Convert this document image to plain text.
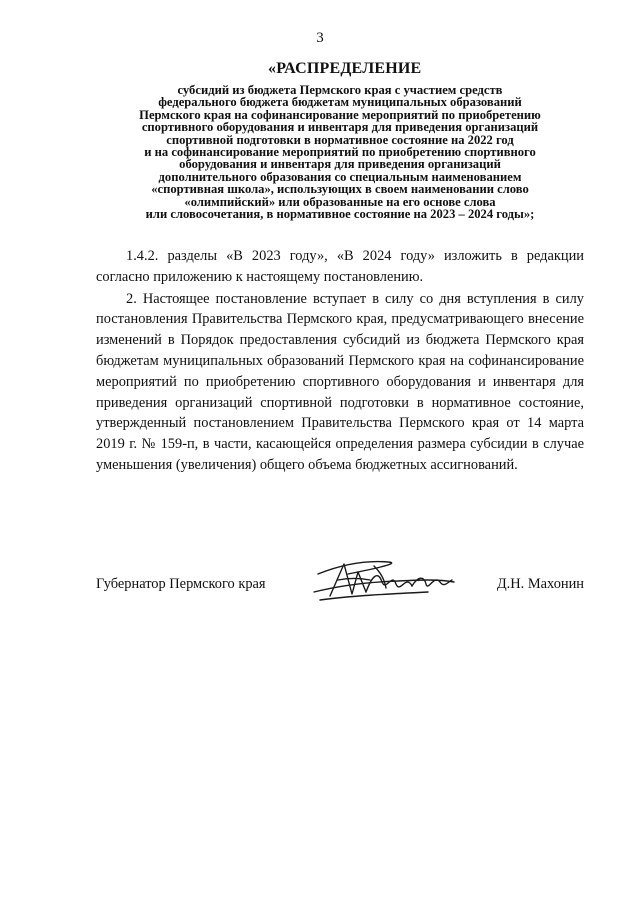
3
«РАСПРЕДЕЛЕНИЕ
субсидий из бюджета Пермского края с участием средств
федерального бюджета бюджетам муниципальных образований
Пермского края на софинансирование мероприятий по приобретению
спортивного оборудования и инвентаря для приведения организаций
спортивной подготовки в нормативное состояние на 2022 год
и на софинансирование мероприятий по приобретению спортивного
оборудования и инвентаря для приведения организаций
дополнительного образования со специальным наименованием
«спортивная школа», использующих в своем наименовании слово
«олимпийский» или образованные на его основе слова
или словосочетания, в нормативное состояние на 2023 – 2024 годы»;

1.4.2. разделы «В 2023 году», «В 2024 году» изложить в редакции согласно приложению к настоящему постановлению.

2. Настоящее постановление вступает в силу со дня вступления в силу постановления Правительства Пермского края, предусматривающего внесение изменений в Порядок предоставления субсидий из бюджета Пермского края бюджетам муниципальных образований Пермского края на софинансирование мероприятий по приобретению спортивного оборудования и инвентаря для приведения организаций спортивной подготовки в нормативное состояние, утвержденный постановлением Правительства Пермского края от 14 марта 2019 г. № 159-п, в части, касающейся определения размера субсидии в случае уменьшения (увеличения) общего объема бюджетных ассигнований.

Губернатор Пермского края	Д.Н. Махонин
